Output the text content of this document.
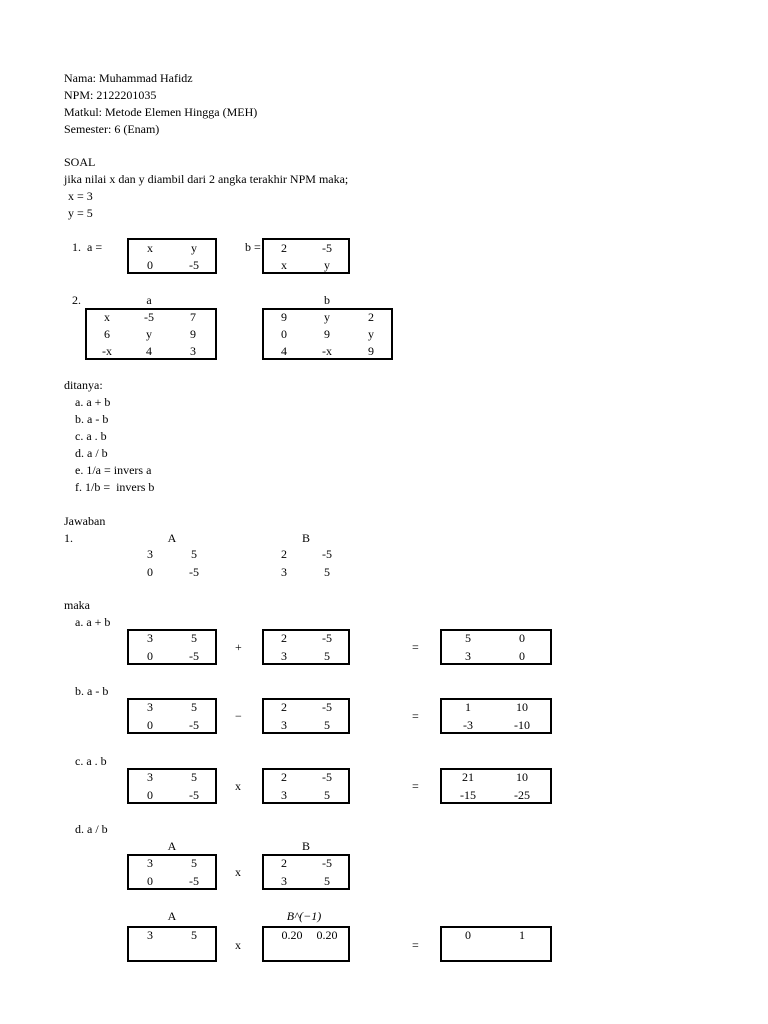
Nama: Muhammad Hafidz
NPM: 2122201035
Matkul: Metode Elemen Hingga (MEH)
Semester: 6 (Enam)
SOAL
jika nilai x dan y diambil dari 2 angka terakhir NPM maka;
x = 3
y = 5
1.  a =	x	y
0	-5
b =	2	-5
x	y
2.	a	b
x	-5	7
6	y	9
-x	4	3
9	y	2
0	9	y
4	-x	9
ditanya:
a. a + b
b. a - b
c. a . b
d. a / b
e. 1/a = invers a
f. 1/b =  invers b
Jawaban
1.	A	B
3	5
0	-5
2	-5
3	5
maka
a. a + b
3	5
0	-5
+
2	-5
3	5
=
5	0
3	0
b. a - b
3	5
0	-5
−
2	-5
3	5
=
1	10
-3	-10
c. a . b
3	5
0	-5
x
2	-5
3	5
=
21	10
-15	-25
d. a / b
A	B
3	5
0	-5
x
2	-5
3	5
A	B^(−1)
3	5
x
0.20	0.20
=
0	1
